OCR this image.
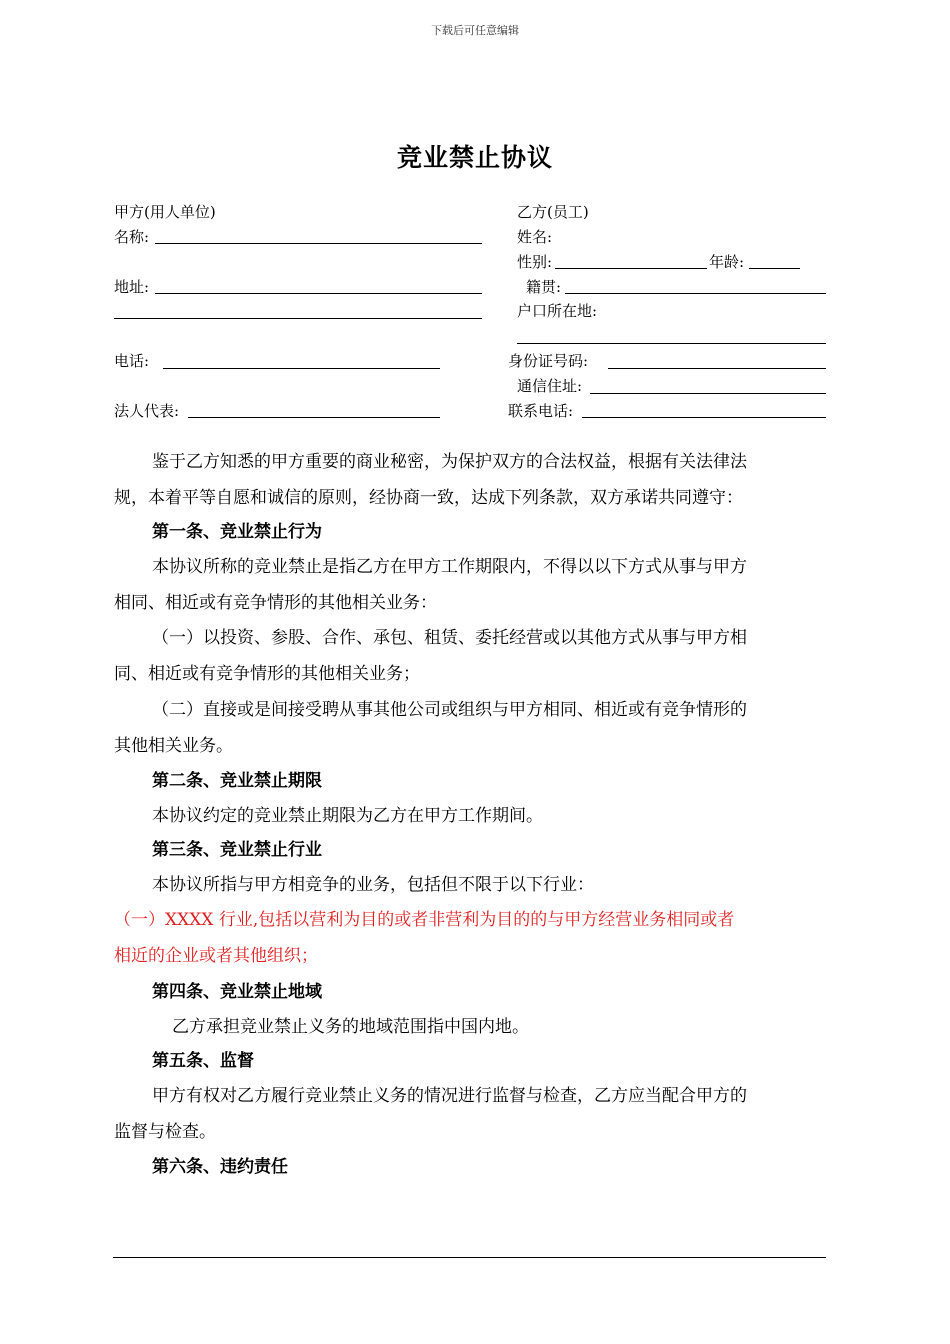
下载后可任意编辑
竞业禁止协议
甲方(用人单位)
名称:
地址:
电话:
法人代表:
乙方(员工)
姓名:
性别:	年龄:
籍贯:
户口所在地:
身份证号码:
通信住址:
联系电话:
鉴于乙方知悉的甲方重要的商业秘密，为保护双方的合法权益，根据有关法律法
规，本着平等自愿和诚信的原则，经协商一致，达成下列条款，双方承诺共同遵守：
第一条、竞业禁止行为
本协议所称的竞业禁止是指乙方在甲方工作期限内，不得以以下方式从事与甲方
相同、相近或有竞争情形的其他相关业务：
（一）以投资、参股、合作、承包、租赁、委托经营或以其他方式从事与甲方相
同、相近或有竞争情形的其他相关业务；
（二）直接或是间接受聘从事其他公司或组织与甲方相同、相近或有竞争情形的
其他相关业务。
第二条、竞业禁止期限
本协议约定的竞业禁止期限为乙方在甲方工作期间。
第三条、竞业禁止行业
本协议所指与甲方相竞争的业务，包括但不限于以下行业：
（一）XXXX 行业,包括以营利为目的或者非营利为目的的与甲方经营业务相同或者
相近的企业或者其他组织；
第四条、竞业禁止地域
乙方承担竞业禁止义务的地域范围指中国内地。
第五条、监督
甲方有权对乙方履行竞业禁止义务的情况进行监督与检查，乙方应当配合甲方的
监督与检查。
第六条、违约责任
